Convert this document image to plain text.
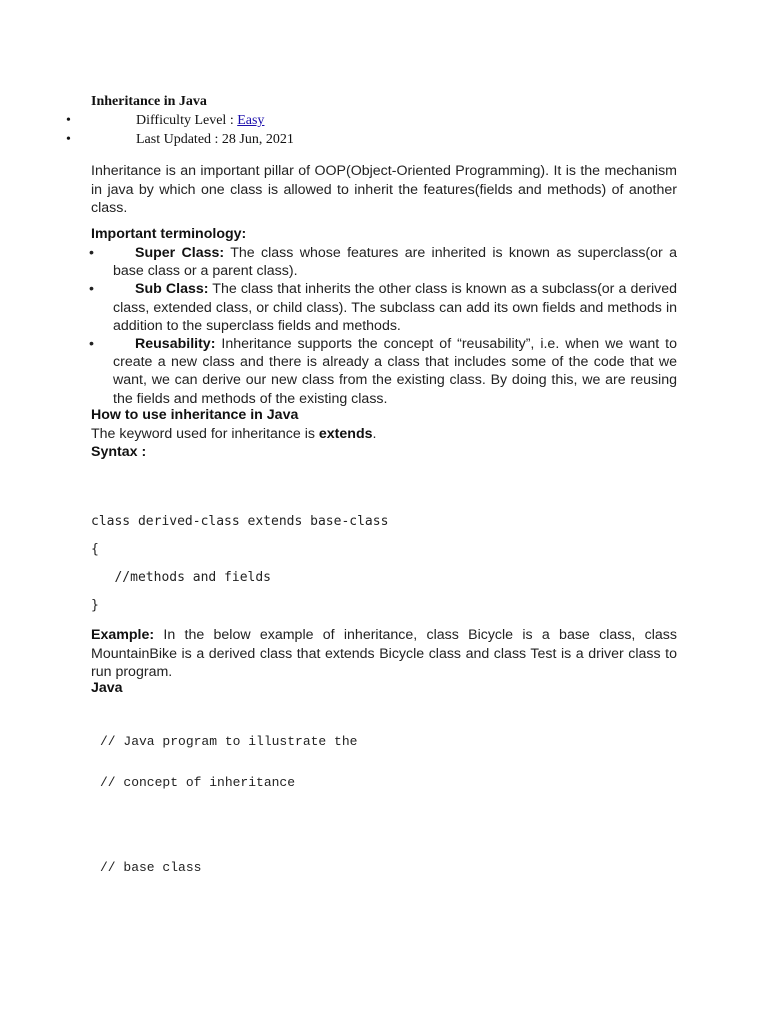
Inheritance in Java
•	Difficulty Level : Easy
•	Last Updated : 28 Jun, 2021
Inheritance is an important pillar of OOP(Object-Oriented Programming). It is the mechanism in java by which one class is allowed to inherit the features(fields and methods) of another class.
Important terminology:
•	Super Class: The class whose features are inherited is known as superclass(or a base class or a parent class).
•	Sub Class: The class that inherits the other class is known as a subclass(or a derived class, extended class, or child class). The subclass can add its own fields and methods in addition to the superclass fields and methods.
•	Reusability: Inheritance supports the concept of “reusability”, i.e. when we want to create a new class and there is already a class that includes some of the code that we want, we can derive our new class from the existing class. By doing this, we are reusing the fields and methods of the existing class.
How to use inheritance in Java
The keyword used for inheritance is extends.
Syntax :
class derived-class extends base-class
{
//methods and fields
}
Example: In the below example of inheritance, class Bicycle is a base class, class MountainBike is a derived class that extends Bicycle class and class Test is a driver class to run program.
Java
// Java program to illustrate the
// concept of inheritance
// base class
